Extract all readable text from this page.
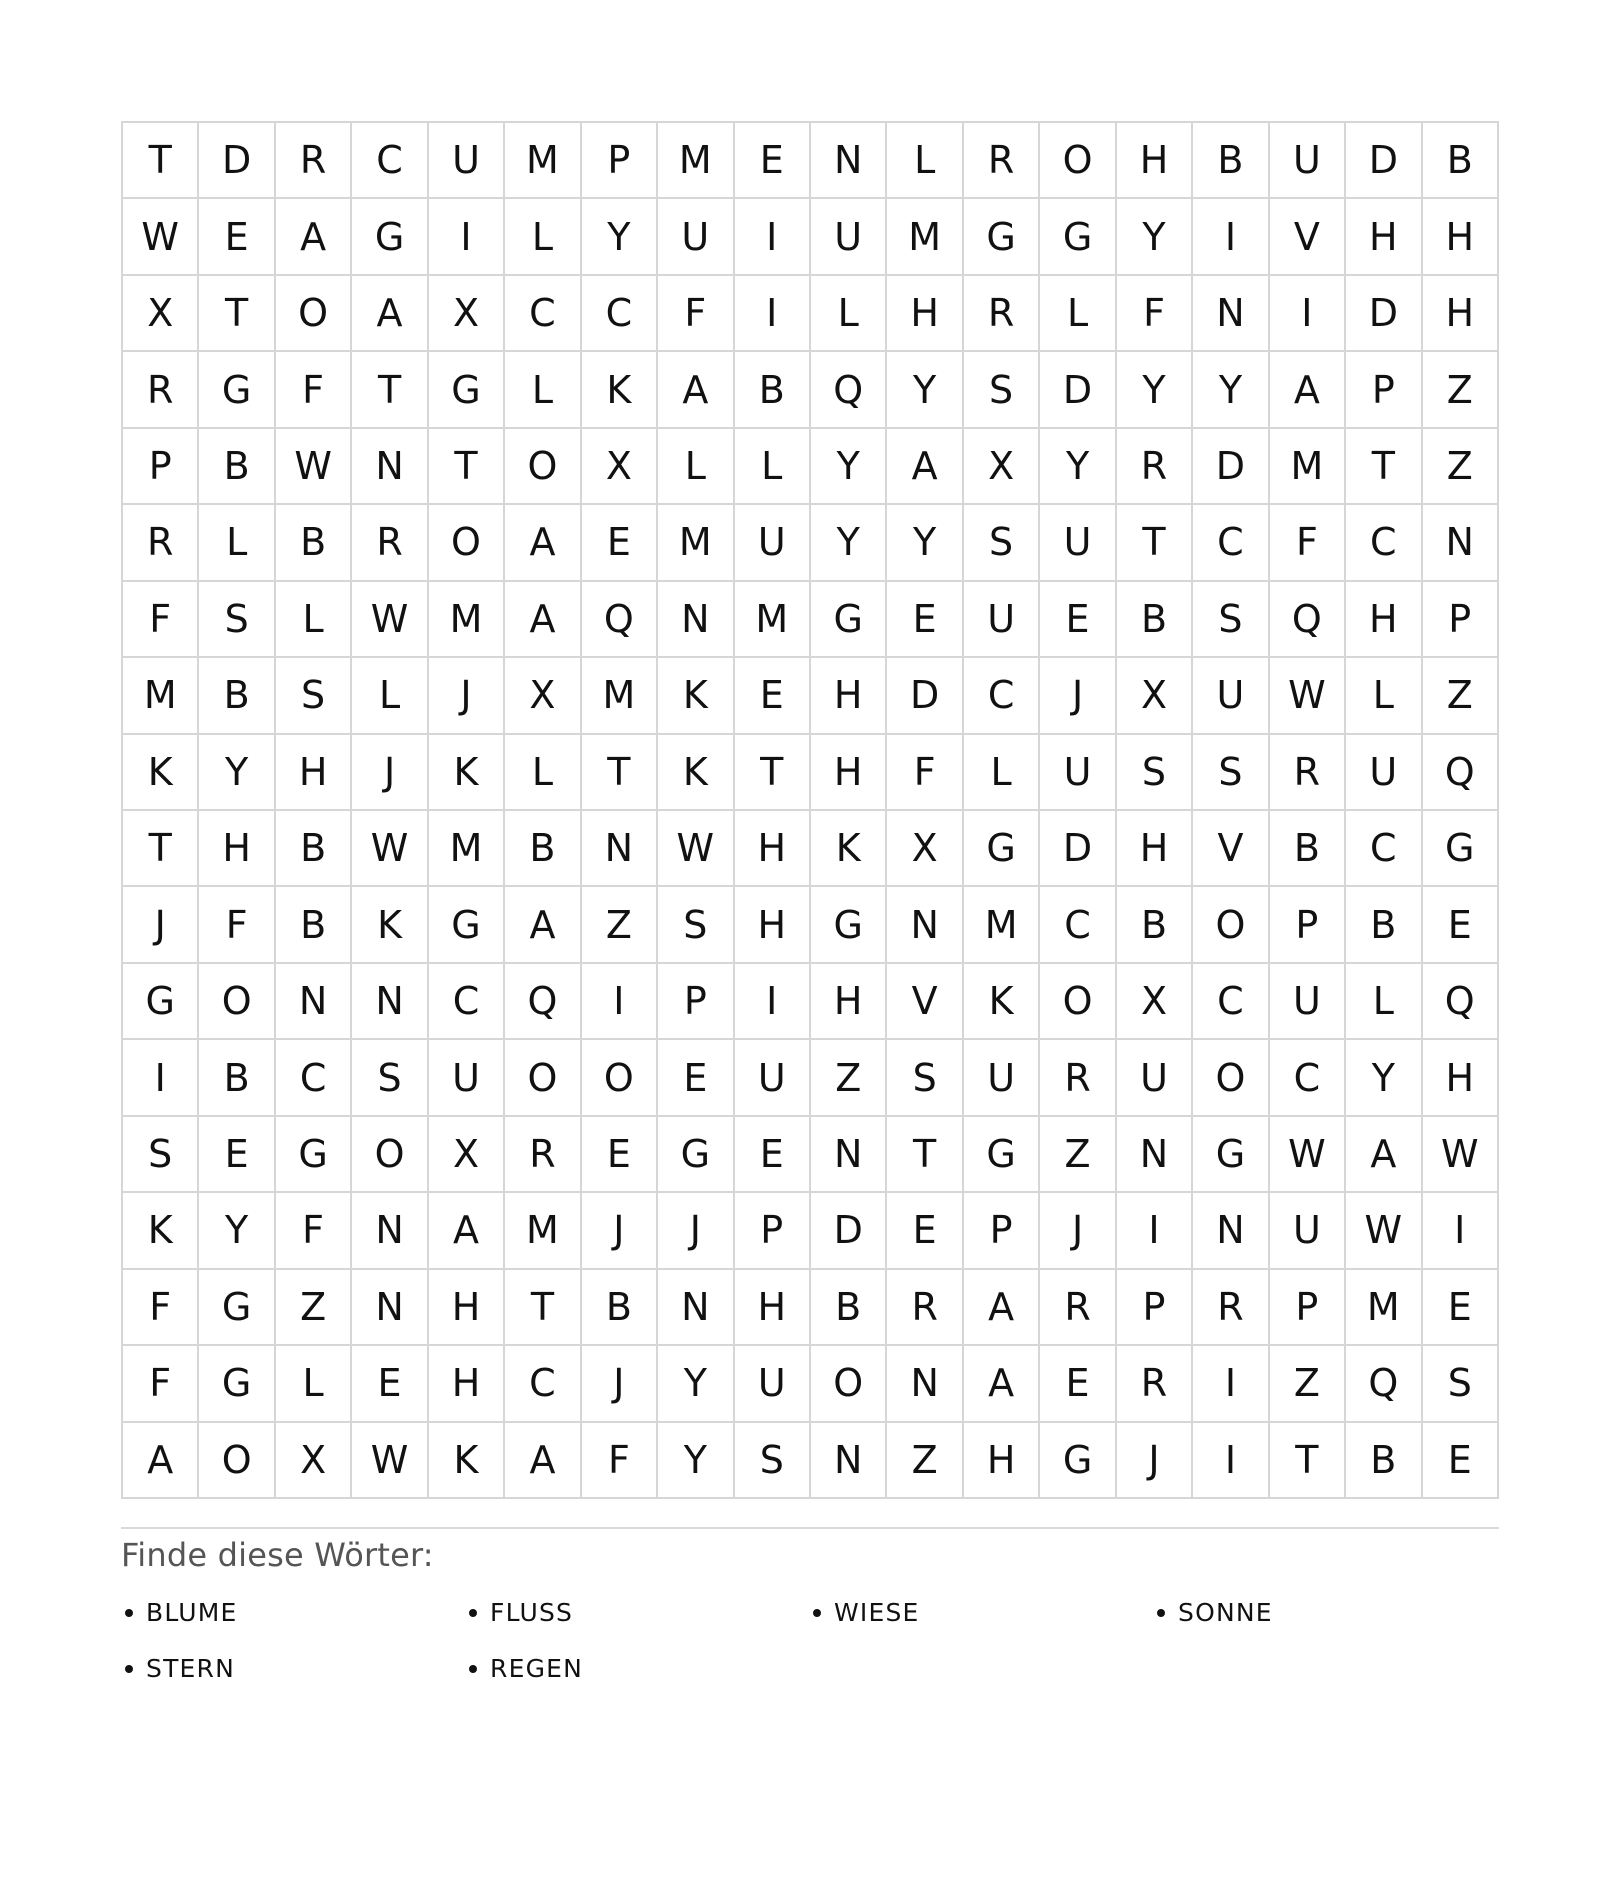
T	D	R	C	U	M	P	M	E	N	L	R	O	H	B	U	D	B
W	E	A	G	I	L	Y	U	I	U	M	G	G	Y	I	V	H	H
X	T	O	A	X	C	C	F	I	L	H	R	L	F	N	I	D	H
R	G	F	T	G	L	K	A	B	Q	Y	S	D	Y	Y	A	P	Z
P	B	W	N	T	O	X	L	L	Y	A	X	Y	R	D	M	T	Z
R	L	B	R	O	A	E	M	U	Y	Y	S	U	T	C	F	C	N
F	S	L	W	M	A	Q	N	M	G	E	U	E	B	S	Q	H	P
M	B	S	L	J	X	M	K	E	H	D	C	J	X	U	W	L	Z
K	Y	H	J	K	L	T	K	T	H	F	L	U	S	S	R	U	Q
T	H	B	W	M	B	N	W	H	K	X	G	D	H	V	B	C	G
J	F	B	K	G	A	Z	S	H	G	N	M	C	B	O	P	B	E
G	O	N	N	C	Q	I	P	I	H	V	K	O	X	C	U	L	Q
I	B	C	S	U	O	O	E	U	Z	S	U	R	U	O	C	Y	H
S	E	G	O	X	R	E	G	E	N	T	G	Z	N	G	W	A	W
K	Y	F	N	A	M	J	J	P	D	E	P	J	I	N	U	W	I
F	G	Z	N	H	T	B	N	H	B	R	A	R	P	R	P	M	E
F	G	L	E	H	C	J	Y	U	O	N	A	E	R	I	Z	Q	S
A	O	X	W	K	A	F	Y	S	N	Z	H	G	J	I	T	B	E
Finde diese Wörter:
BLUME	FLUSS	WIESE	SONNE
STERN	REGEN
